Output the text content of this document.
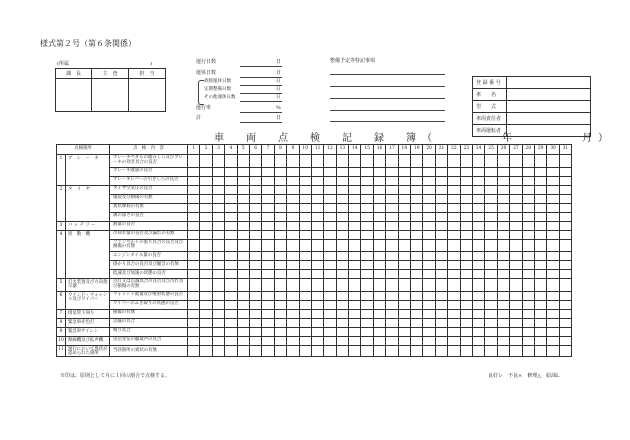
様式第２号（第６条関係）
(所属	)
課　 長	主　 査	担　 当

運行日数	日
運休日数	日
故障運休日数	日
定期整備日数	日
その他運休日数	日
運行率	%
計	日
整備予定等特記事項
登 録 番 号	
車　　名	
型　　式	
車両責任者	
車両運転者	
車　両　点　検　記　録　簿（　　　　年　　　　月）
点検箇所		点　検　内　容	1	2	3	4	5	6	7	8	9	10	11	12	13	14	15	16	17	18	19	20	21	22	23	24	25	26	27	28	29	30	31
1	ブ　レ　ー　キ	ブレーキペダルの踏みしろ及びブレーキの効き具合の良否																															
		ブレーキ液量の良否																															
		ブレーキレバーの引きしろの良否																															
2	タ　イ　ヤ	タイヤ空気圧の良否																															
		亀裂及び損傷の有無																															
		異状摩耗の有無																															
		溝の深さの良否																															
3	バ ッ テ リ ー	液量の良否																															
4	原　動　機	冷却水量の良否及び漏れの有無																															
		ファンベルトの張り具合の良否及び損傷の有無																															
		エンジンオイル量の良否																															
		掛かり具合の良否及び騒音の有無																															
		低速及び加速の状態の良否																															
5	灯火装置及び方向指示器	点灯又は点滅具合の良否及び汚れ及び損傷の有無																															
6	ウインド・ウォッシャ及びワイパー	ウォッシャ液量及び噴射状態の良否																															
		ワイパーのふき取りの状態の良否																															
7	排気管下回り	損傷の有無																															
8	緊急車赤色灯	点滅の具合																															
9	緊急車サイレン	鳴り具合																															
10	無線機及び拡声機	送信受信の聴取声の具合																															
11	運行において異状が認められた箇所	当該箇所の異状の有無																															
※印は、原則として月に１回の割合で点検する。	良好レ　不良×　修理△　給油L
